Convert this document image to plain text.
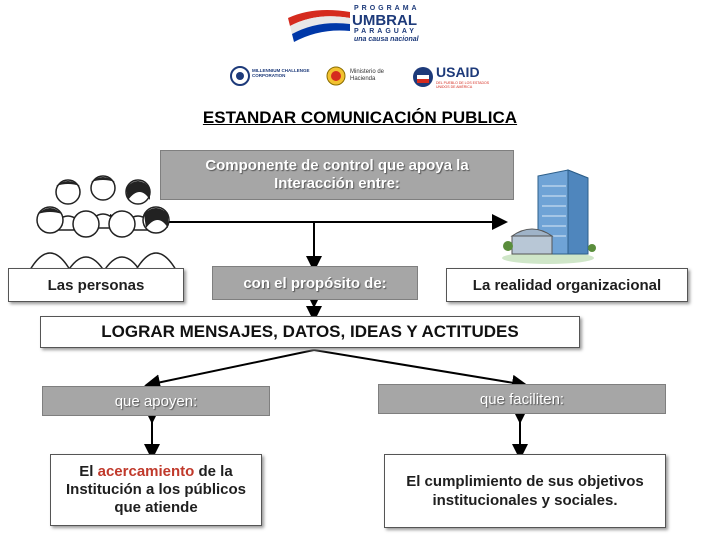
PROGRAMA
UMBRAL
PARAGUAY
una causa nacional
MILLENNIUM CHALLENGE CORPORATION
Ministerio de Hacienda	USAID
DEL PUEBLO DE LOS ESTADOS UNIDOS DE AMÉRICA
ESTANDAR COMUNICACIÓN PUBLICA
Componente de control que apoya la Interacción entre:
Las personas	con el propósito de:	La realidad organizacional
LOGRAR MENSAJES, DATOS, IDEAS Y ACTITUDES
que apoyen:	que faciliten:
El acercamiento de la Institución a los públicos que atiende
El cumplimiento de sus objetivos institucionales y sociales.
